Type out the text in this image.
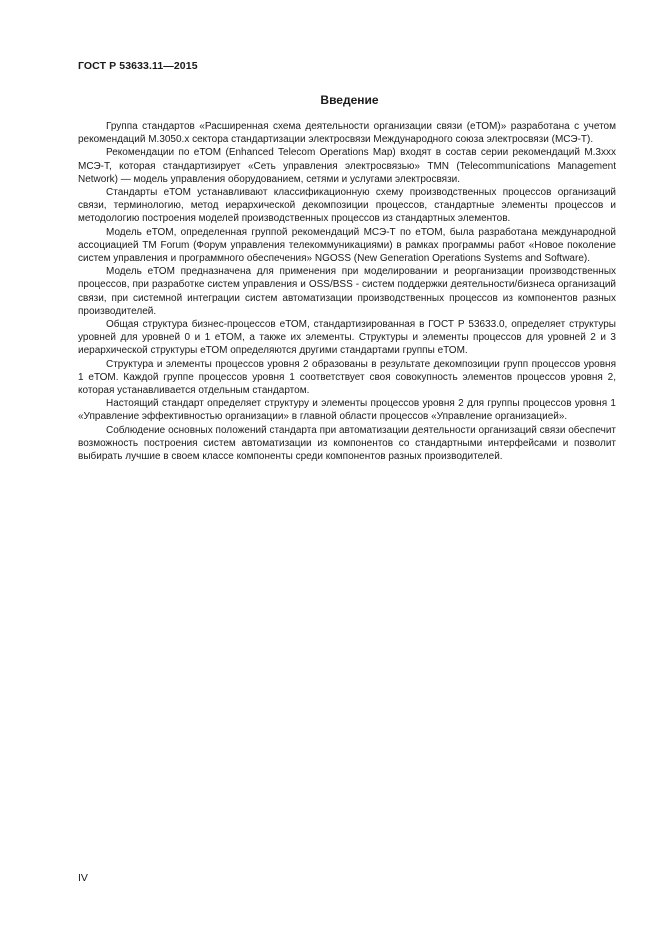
ГОСТ Р 53633.11—2015
Введение

Группа стандартов «Расширенная схема деятельности организации связи (еТОМ)» разработана с учетом рекомендаций М.3050.х сектора стандартизации электросвязи Международного союза электросвязи (МСЭ-Т).

Рекомендации по еТОМ (Enhanced Telecom Operations Map) входят в состав серии рекомендаций М.3ххх МСЭ-Т, которая стандартизирует «Сеть управления электросвязью» TMN (Telecommunications Management Network) — модель управления оборудованием, сетями и услугами электросвязи.

Стандарты еТОМ устанавливают классификационную схему производственных процессов организаций связи, терминологию, метод иерархической декомпозиции процессов, стандартные элементы процессов и методологию построения моделей производственных процессов из стандартных элементов.

Модель еТОМ, определенная группой рекомендаций МСЭ-Т по еТОМ, была разработана международной ассоциацией TM Forum (Форум управления телекоммуникациями) в рамках программы работ «Новое поколение систем управления и программного обеспечения» NGOSS (New Generation Operations Systems and Software).

Модель еТОМ предназначена для применения при моделировании и реорганизации производственных процессов, при разработке систем управления и OSS/BSS - систем поддержки деятельности/бизнеса организаций связи, при системной интеграции систем автоматизации производственных процессов из компонентов разных производителей.

Общая структура бизнес-процессов еТОМ, стандартизированная в ГОСТ Р 53633.0, определяет структуры уровней для уровней 0 и 1 еТОМ, а также их элементы. Структуры и элементы процессов для уровней 2 и 3 иерархической структуры еТОМ определяются другими стандартами группы еТОМ.

Структура и элементы процессов уровня 2 образованы в результате декомпозиции групп процессов уровня 1 еТОМ. Каждой группе процессов уровня 1 соответствует своя совокупность элементов процессов уровня 2, которая устанавливается отдельным стандартом.

Настоящий стандарт определяет структуру и элементы процессов уровня 2 для группы процессов уровня 1 «Управление эффективностью организации» в главной области процессов «Управление организацией».

Соблюдение основных положений стандарта при автоматизации деятельности организаций связи обеспечит возможность построения систем автоматизации из компонентов со стандартными интерфейсами и позволит выбирать лучшие в своем классе компоненты среди компонентов разных производителей.

IV
